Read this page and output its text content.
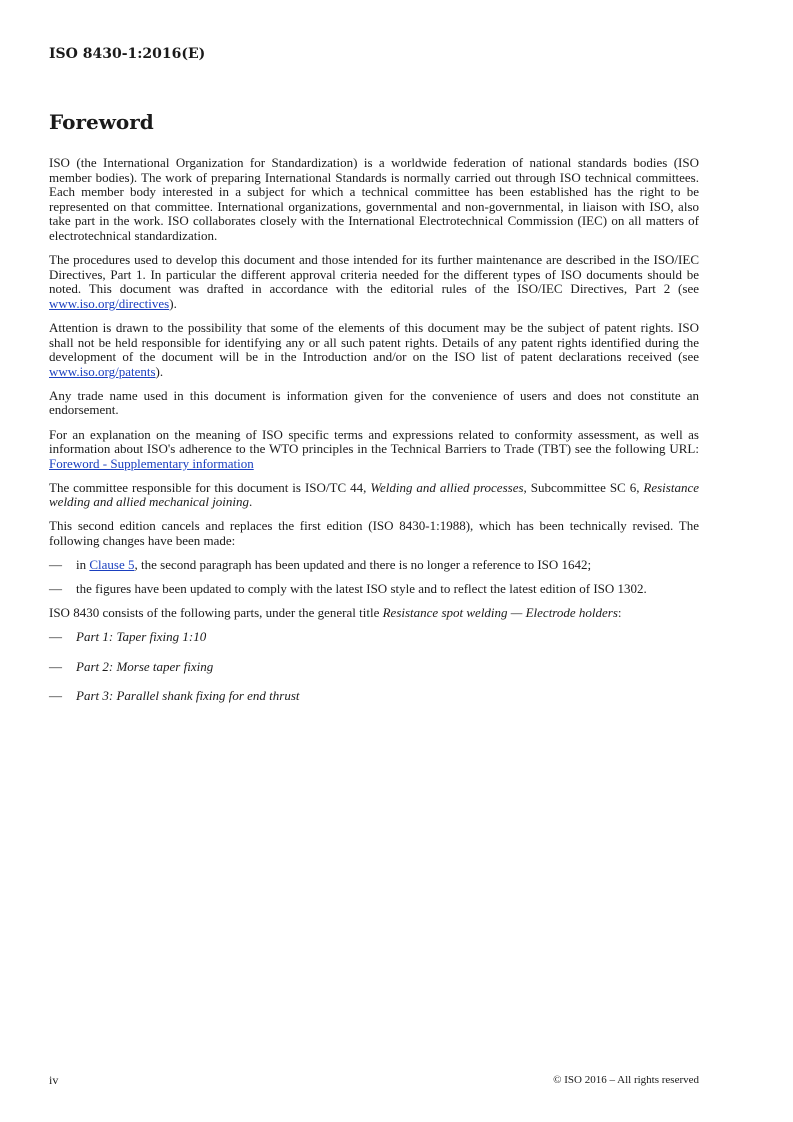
ISO 8430-1:2016(E)
Foreword

ISO (the International Organization for Standardization) is a worldwide federation of national standards bodies (ISO member bodies). The work of preparing International Standards is normally carried out through ISO technical committees. Each member body interested in a subject for which a technical committee has been established has the right to be represented on that committee. International organizations, governmental and non-governmental, in liaison with ISO, also take part in the work. ISO collaborates closely with the International Electrotechnical Commission (IEC) on all matters of electrotechnical standardization.

The procedures used to develop this document and those intended for its further maintenance are described in the ISO/IEC Directives, Part 1. In particular the different approval criteria needed for the different types of ISO documents should be noted. This document was drafted in accordance with the editorial rules of the ISO/IEC Directives, Part 2 (see www.iso.org/directives).

Attention is drawn to the possibility that some of the elements of this document may be the subject of patent rights. ISO shall not be held responsible for identifying any or all such patent rights. Details of any patent rights identified during the development of the document will be in the Introduction and/or on the ISO list of patent declarations received (see www.iso.org/patents).

Any trade name used in this document is information given for the convenience of users and does not constitute an endorsement.

For an explanation on the meaning of ISO specific terms and expressions related to conformity assessment, as well as information about ISO's adherence to the WTO principles in the Technical Barriers to Trade (TBT) see the following URL: Foreword - Supplementary information

The committee responsible for this document is ISO/TC 44, Welding and allied processes, Subcommittee SC 6, Resistance welding and allied mechanical joining.

This second edition cancels and replaces the first edition (ISO 8430-1:1988), which has been technically revised. The following changes have been made:

—	in Clause 5, the second paragraph has been updated and there is no longer a reference to ISO 1642;
—	the figures have been updated to comply with the latest ISO style and to reflect the latest edition of ISO 1302.

ISO 8430 consists of the following parts, under the general title Resistance spot welding — Electrode holders:

—	Part 1: Taper fixing 1:10
—	Part 2: Morse taper fixing
—	Part 3: Parallel shank fixing for end thrust
iv	© ISO 2016 – All rights reserved
